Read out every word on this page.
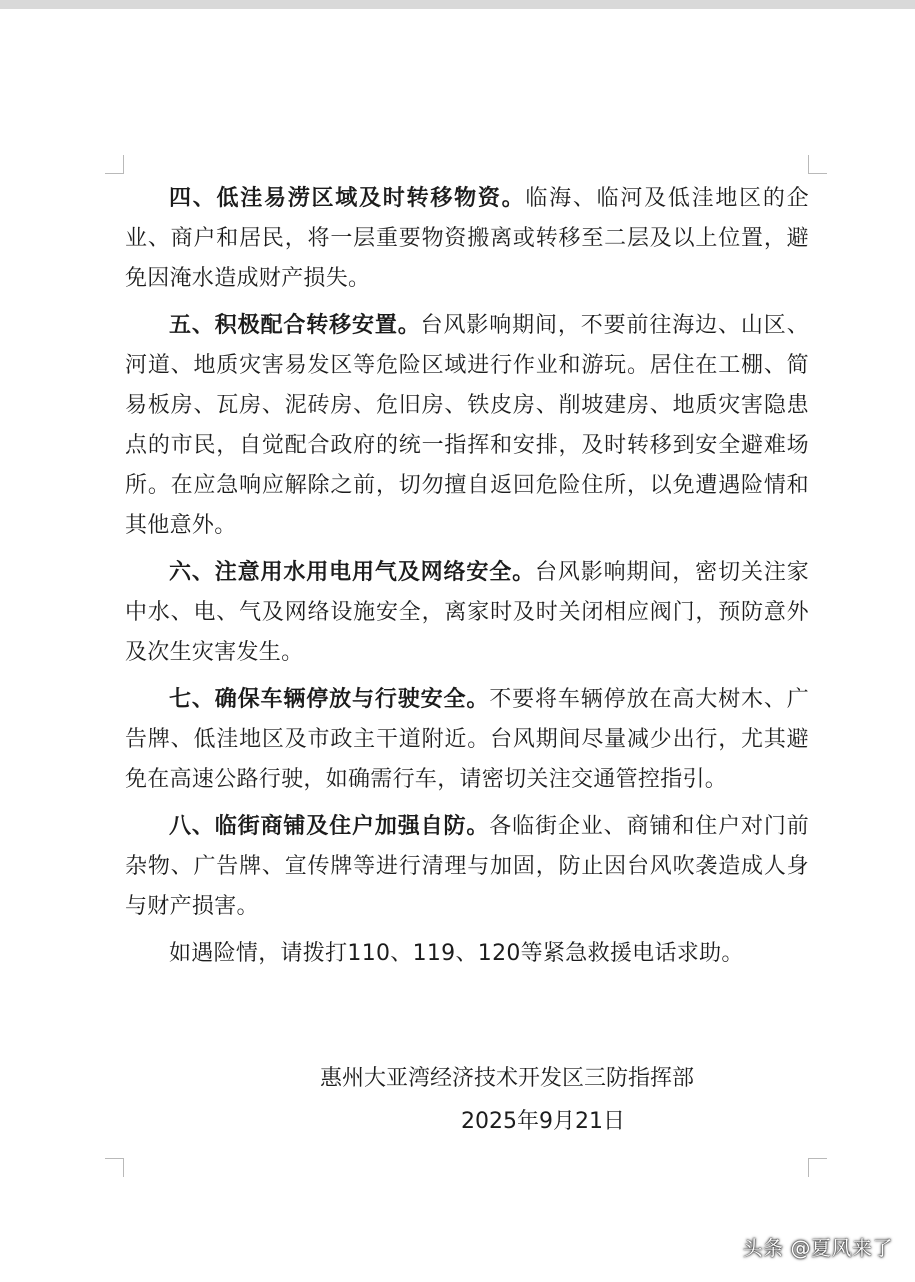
四、低洼易涝区域及时转移物资。临海、临河及低洼地区的企业、商户和居民，将一层重要物资搬离或转移至二层及以上位置，避免因淹水造成财产损失。

五、积极配合转移安置。台风影响期间，不要前往海边、山区、河道、地质灾害易发区等危险区域进行作业和游玩。居住在工棚、简易板房、瓦房、泥砖房、危旧房、铁皮房、削坡建房、地质灾害隐患点的市民，自觉配合政府的统一指挥和安排，及时转移到安全避难场所。在应急响应解除之前，切勿擅自返回危险住所，以免遭遇险情和其他意外。

六、注意用水用电用气及网络安全。台风影响期间，密切关注家中水、电、气及网络设施安全，离家时及时关闭相应阀门，预防意外及次生灾害发生。

七、确保车辆停放与行驶安全。不要将车辆停放在高大树木、广告牌、低洼地区及市政主干道附近。台风期间尽量减少出行，尤其避免在高速公路行驶，如确需行车，请密切关注交通管控指引。

八、临街商铺及住户加强自防。各临街企业、商铺和住户对门前杂物、广告牌、宣传牌等进行清理与加固，防止因台风吹袭造成人身与财产损害。

如遇险情，请拨打110、119、120等紧急救援电话求助。

惠州大亚湾经济技术开发区三防指挥部
2025年9月21日
头条 @夏风来了
